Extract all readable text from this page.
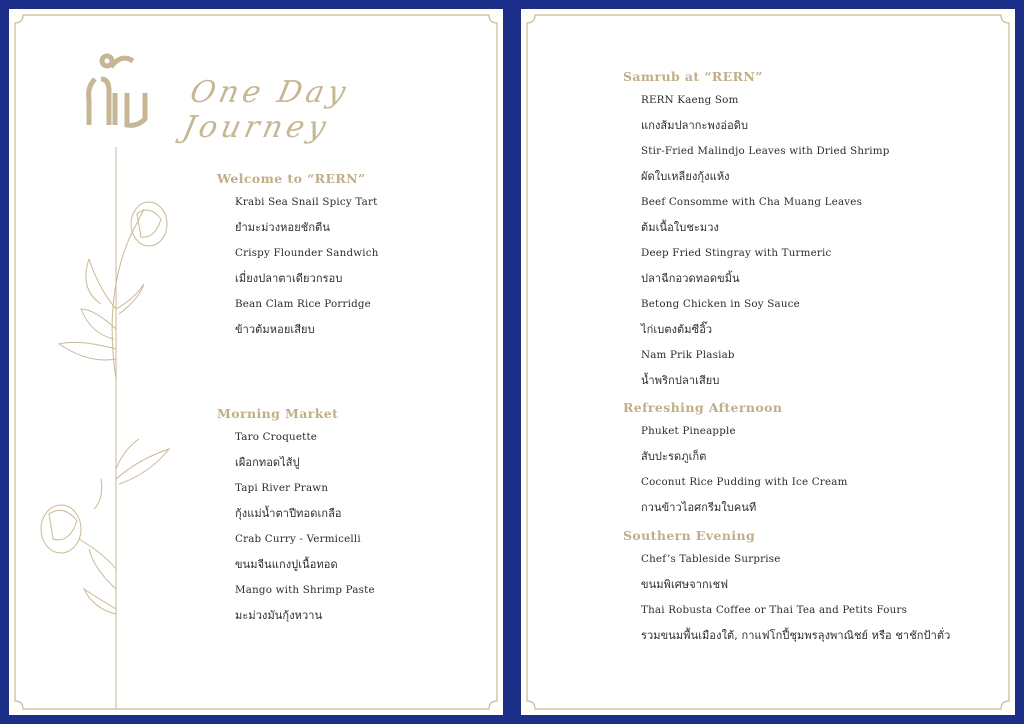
เริ่น
One Day Journey
Welcome to “RERN”
Krabi Sea Snail Spicy Tart
ยำมะม่วงหอยชักตีน
Crispy Flounder Sandwich
เมี่ยงปลาตาเดียวกรอบ
Bean Clam Rice Porridge
ข้าวต้มหอยเสียบ
Morning Market
Taro Croquette
เผือกทอดไส้ปู
Tapi River Prawn
กุ้งแม่น้ำตาปีทอดเกลือ
Crab Curry - Vermicelli
ขนมจีนแกงปูเนื้อทอด
Mango with Shrimp Paste
มะม่วงมันกุ้งหวาน
Samrub at “RERN”
RERN Kaeng Som
แกงส้มปลากะพงอ่อดิบ
Stir-Fried Malindjo Leaves with Dried Shrimp
ผัดใบเหลียงกุ้งแห้ง
Beef Consomme with Cha Muang Leaves
ต้มเนื้อใบชะมวง
Deep Fried Stingray with Turmeric
ปลาฉีกอวดทอดขมิ้น
Betong Chicken in Soy Sauce
ไก่เบตงต้มซีอิ๊ว
Nam Prik Plasiab
น้ำพริกปลาเสียบ
Refreshing Afternoon
Phuket Pineapple
สับปะรดภูเก็ต
Coconut Rice Pudding with Ice Cream
กวนข้าวไอศกรีมใบคนที
Southern Evening
Chef’s Tableside Surprise
ขนมพิเศษจากเชฟ
Thai Robusta Coffee or Thai Tea and Petits Fours
รวมขนมพื้นเมืองใต้, กาแฟโกปี้ชุมพรลุงพาณิชย์ หรือ ชาชักป้าตั่ว
